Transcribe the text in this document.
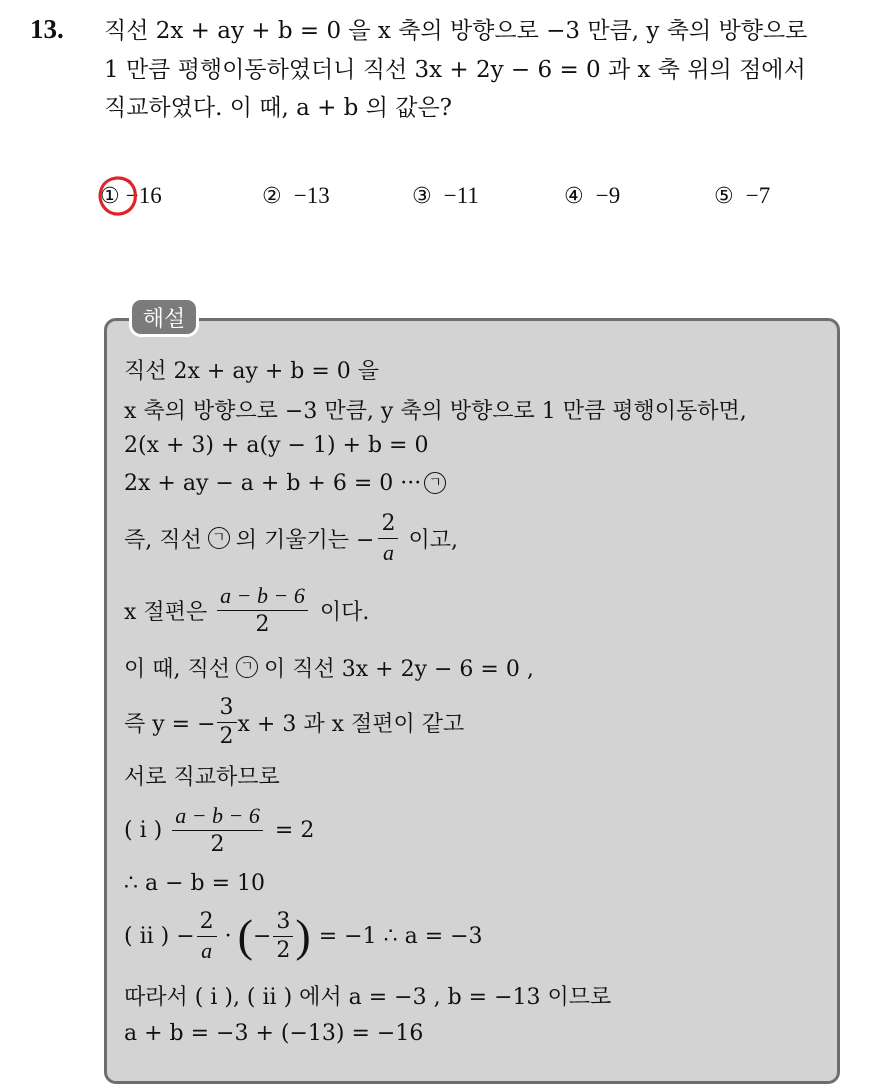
13. 직선 2x + ay + b = 0 을 x 축의 방향으로 −3 만큼, y 축의 방향으로
1 만큼 평행이동하였더니 직선 3x + 2y − 6 = 0 과 x 축 위의 점에서
직교하였다. 이 때, a + b 의 값은?
① −16	② −13	③ −11	④ −9	⑤ −7
해설
직선 2x + ay + b = 0 을
x 축의 방향으로 −3 만큼, y 축의 방향으로 1 만큼 평행이동하면,
2(x + 3) + a(y − 1) + b = 0
2x + ay − a + b + 6 = 0 ··· ㄱ
즉, 직선 ㄱ 의 기울기는 − $\frac{2}{a}$ 이고,
x 절편은 $\frac{a - b - 6}{2}$ 이다.
이 때, 직선 ㄱ 이 직선 3x + 2y − 6 = 0 ,
즉 y = − $\frac{3}{2}$ x + 3 과 x 절편이 같고
서로 직교하므로
( i ) $\frac{a - b - 6}{2} = 2$
∴ a − b = 10
( ii ) − $\frac{2}{a}$ · ( − $\frac{3}{2}$ ) = −1 ∴ a = −3
따라서 ( i ), ( ii ) 에서 a = −3 , b = −13 이므로
a + b = −3 + (−13) = −16
